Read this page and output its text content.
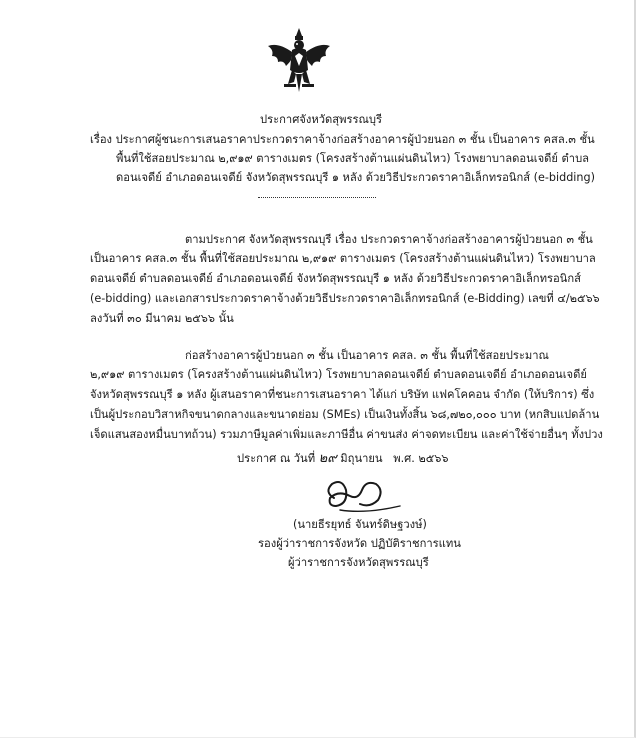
ประกาศจังหวัดสุพรรณบุรี
เรื่อง ประกาศผู้ชนะการเสนอราคาประกวดราคาจ้างก่อสร้างอาคารผู้ป่วยนอก ๓ ชั้น เป็นอาคาร คสล.๓ ชั้น
พื้นที่ใช้สอยประมาณ ๒,๙๑๙ ตารางเมตร (โครงสร้างต้านแผ่นดินไหว) โรงพยาบาลดอนเจดีย์ ตำบล
ดอนเจดีย์ อำเภอดอนเจดีย์ จังหวัดสุพรรณบุรี ๑ หลัง ด้วยวิธีประกวดราคาอิเล็กทรอนิกส์ (e-bidding)
ตามประกาศ จังหวัดสุพรรณบุรี เรื่อง ประกวดราคาจ้างก่อสร้างอาคารผู้ป่วยนอก ๓ ชั้น
เป็นอาคาร คสล.๓ ชั้น พื้นที่ใช้สอยประมาณ ๒,๙๑๙ ตารางเมตร (โครงสร้างต้านแผ่นดินไหว) โรงพยาบาล
ดอนเจดีย์ ตำบลดอนเจดีย์ อำเภอดอนเจดีย์ จังหวัดสุพรรณบุรี ๑ หลัง ด้วยวิธีประกวดราคาอิเล็กทรอนิกส์
(e-bidding) และเอกสารประกวดราคาจ้างด้วยวิธีประกวดราคาอิเล็กทรอนิกส์ (e-Bidding) เลขที่ ๔/๒๕๖๖
ลงวันที่ ๓๐ มีนาคม ๒๕๖๖ นั้น
ก่อสร้างอาคารผู้ป่วยนอก ๓ ชั้น เป็นอาคาร คสล. ๓ ชั้น พื้นที่ใช้สอยประมาณ
๒,๙๑๙ ตารางเมตร (โครงสร้างต้านแผ่นดินไหว) โรงพยาบาลดอนเจดีย์ ตำบลดอนเจดีย์ อำเภอดอนเจดีย์
จังหวัดสุพรรณบุรี ๑ หลัง ผู้เสนอราคาที่ชนะการเสนอราคา ได้แก่ บริษัท แฟคโคคอน จำกัด (ให้บริการ) ซึ่ง
เป็นผู้ประกอบวิสาหกิจขนาดกลางและขนาดย่อม (SMEs) เป็นเงินทั้งสิ้น ๖๘,๗๒๐,๐๐๐ บาท (หกสิบแปดล้าน
เจ็ดแสนสองหมื่นบาทถ้วน) รวมภาษีมูลค่าเพิ่มและภาษีอื่น ค่าขนส่ง ค่าจดทะเบียน และค่าใช้จ่ายอื่นๆ ทั้งปวง
ประกาศ ณ วันที่ ๒๙ มิถุนายน พ.ศ. ๒๕๖๖
(นายธีรยุทธ์ จันทร์ดิษฐวงษ์)
รองผู้ว่าราชการจังหวัด ปฏิบัติราชการแทน
ผู้ว่าราชการจังหวัดสุพรรณบุรี
